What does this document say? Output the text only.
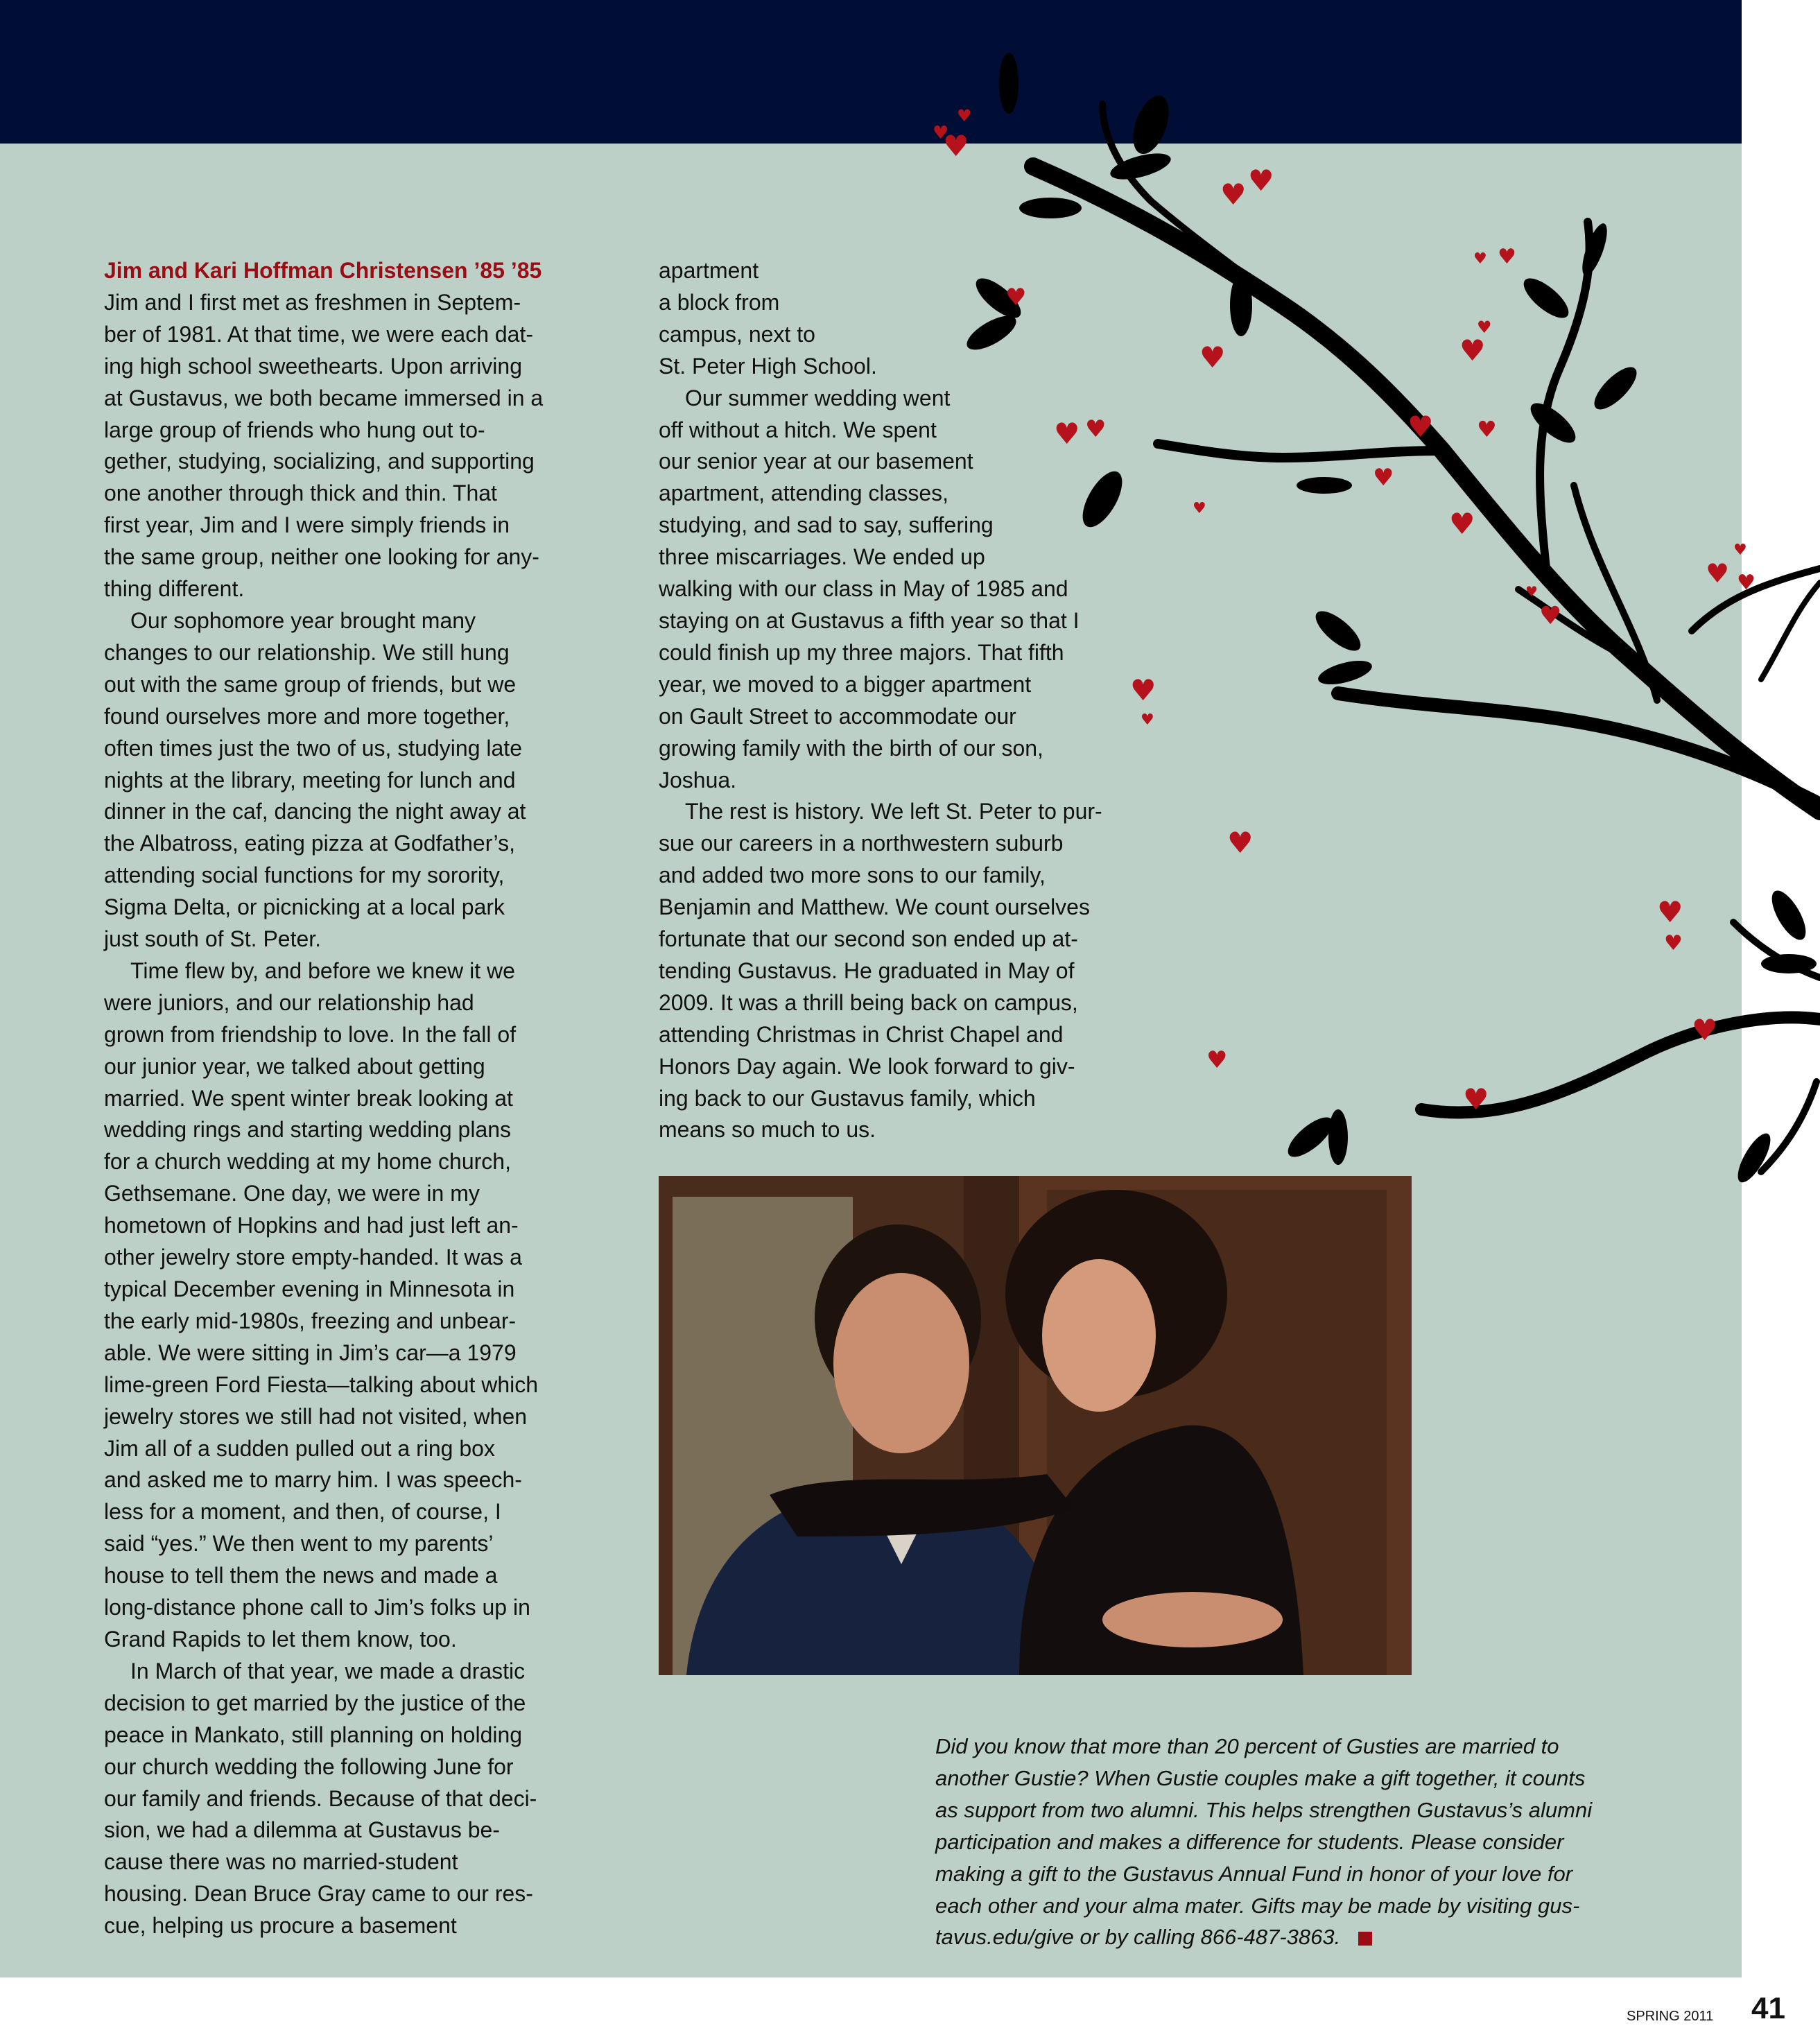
♥
♥
♥
♥ ♥
♥
♥
♥ ♥
♥
♥
♥
♥
♥
♥
♥
♥
♥
♥
♥
♥ ♥
♥
♥
♥
♥
♥
♥
♥
♥
♥
Jim and Kari Hoffman Christensen ’85 ’85
Jim and I first met as freshmen in Septem-
ber of 1981. At that time, we were each dat-
ing high school sweethearts. Upon arriving
at Gustavus, we both became immersed in a
large group of friends who hung out to-
gether, studying, socializing, and supporting
one another through thick and thin. That
first year, Jim and I were simply friends in
the same group, neither one looking for any-
thing different.
Our sophomore year brought many
changes to our relationship. We still hung
out with the same group of friends, but we
found ourselves more and more together,
often times just the two of us, studying late
nights at the library, meeting for lunch and
dinner in the caf, dancing the night away at
the Albatross, eating pizza at Godfather’s,
attending social functions for my sorority,
Sigma Delta, or picnicking at a local park
just south of St. Peter.
Time flew by, and before we knew it we
were juniors, and our relationship had
grown from friendship to love. In the fall of
our junior year, we talked about getting
married. We spent winter break looking at
wedding rings and starting wedding plans
for a church wedding at my home church,
Gethsemane. One day, we were in my
hometown of Hopkins and had just left an-
other jewelry store empty-handed. It was a
typical December evening in Minnesota in
the early mid-1980s, freezing and unbear-
able. We were sitting in Jim’s car—a 1979
lime-green Ford Fiesta—talking about which
jewelry stores we still had not visited, when
Jim all of a sudden pulled out a ring box
and asked me to marry him. I was speech-
less for a moment, and then, of course, I
said “yes.” We then went to my parents’
house to tell them the news and made a
long-distance phone call to Jim’s folks up in
Grand Rapids to let them know, too.
In March of that year, we made a drastic
decision to get married by the justice of the
peace in Mankato, still planning on holding
our church wedding the following June for
our family and friends. Because of that deci-
sion, we had a dilemma at Gustavus be-
cause there was no married-student
housing. Dean Bruce Gray came to our res-
cue, helping us procure a basement
apartment
a block from
campus, next to
St. Peter High School.
Our summer wedding went
off without a hitch. We spent
our senior year at our basement
apartment, attending classes,
studying, and sad to say, suffering
three miscarriages. We ended up
walking with our class in May of 1985 and
staying on at Gustavus a fifth year so that I
could finish up my three majors. That fifth
year, we moved to a bigger apartment
on Gault Street to accommodate our
growing family with the birth of our son,
Joshua.
The rest is history. We left St. Peter to pur-
sue our careers in a northwestern suburb
and added two more sons to our family,
Benjamin and Matthew. We count ourselves
fortunate that our second son ended up at-
tending Gustavus. He graduated in May of
2009. It was a thrill being back on campus,
attending Christmas in Christ Chapel and
Honors Day again. We look forward to giv-
ing back to our Gustavus family, which
means so much to us.
Did you know that more than 20 percent of Gusties are married to
another Gustie? When Gustie couples make a gift together, it counts
as support from two alumni. This helps strengthen Gustavus’s alumni
participation and makes a difference for students. Please consider
making a gift to the Gustavus Annual Fund in honor of your love for
each other and your alma mater. Gifts may be made by visiting gus-
tavus.edu/give or by calling 866-487-3863.
SPRING 2011 41
